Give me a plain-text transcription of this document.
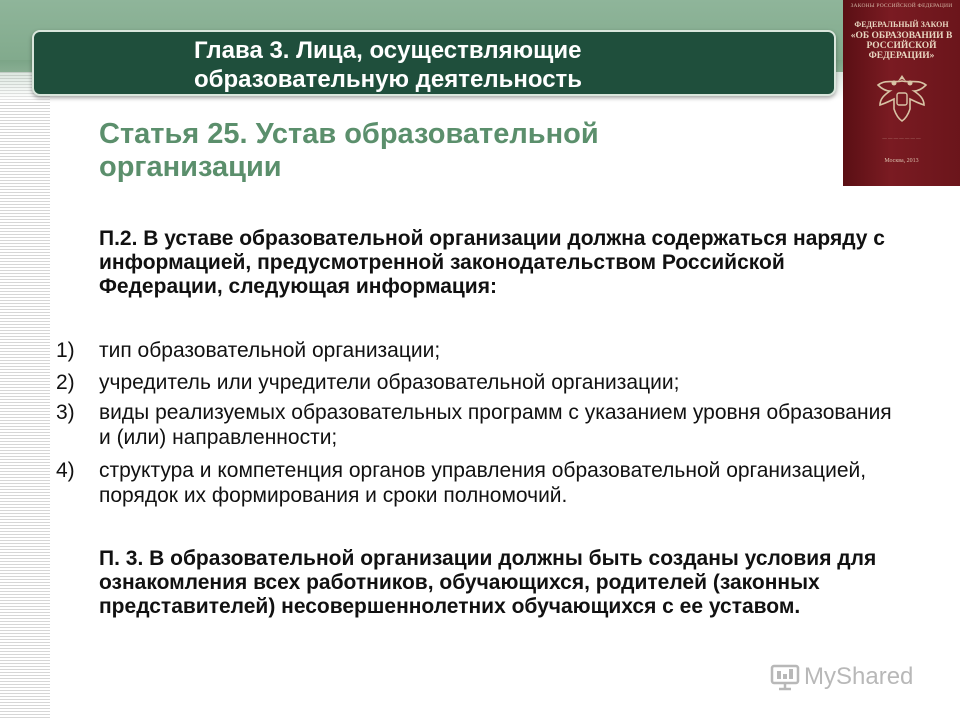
Глава 3. Лица, осуществляющие
образовательную деятельность
ЗАКОНЫ РОССИЙСКОЙ ФЕДЕРАЦИИ
ФЕДЕРАЛЬНЫЙ ЗАКОН
«ОБ ОБРАЗОВАНИИ В РОССИЙСКОЙ ФЕДЕРАЦИИ»
— — — — — — —
Москва, 2013
Статья 25. Устав образовательной организации
П.2. В уставе образовательной организации должна содержаться наряду с информацией, предусмотренной законодательством Российской Федерации, следующая информация:
1)	тип образовательной организации;
2)	учредитель или учредители образовательной организации;
3)	виды реализуемых образовательных программ с указанием уровня образования и (или) направленности;
4)	структура и компетенция органов управления образовательной организацией, порядок их формирования и сроки полномочий.
П. 3. В образовательной организации должны быть созданы условия для ознакомления всех работников, обучающихся, родителей (законных представителей) несовершеннолетних обучающихся с ее уставом.
MyShared
